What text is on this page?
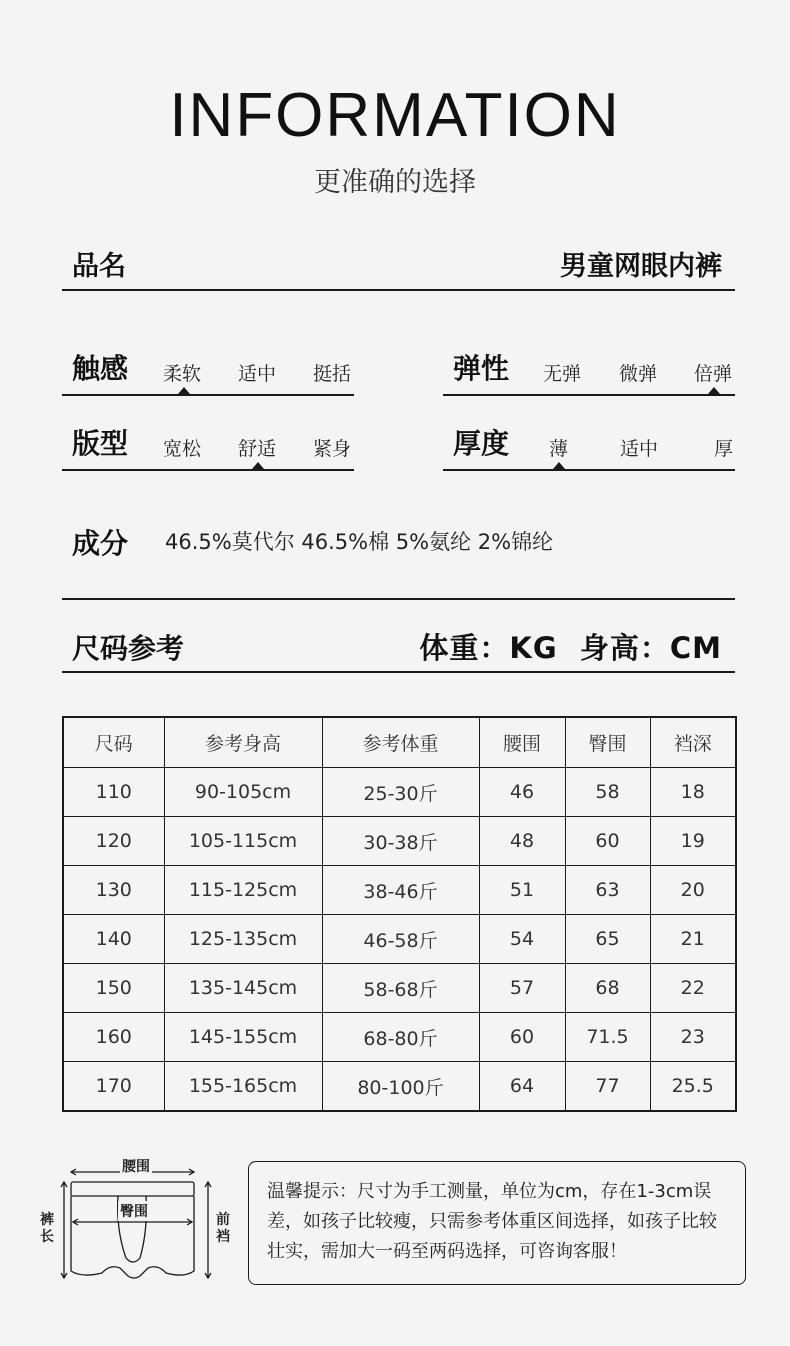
INFORMATION
更准确的选择
品名	男童网眼内裤
触感 柔软 适中 挺括	弹性 无弹 微弹 倍弹
版型 宽松 舒适 紧身	厚度 薄	适中	厚
成分 46.5%莫代尔 46.5%棉 5%氨纶 2%锦纶
尺码参考	体重：KG  身高：CM
尺码	参考身高	参考体重	腰围	臀围	裆深
110	90-105cm	25-30斤	46	58	18
120	105-115cm	30-38斤	48	60	19
130	115-125cm	38-46斤	51	63	20
140	125-135cm	46-58斤	54	65	21
150	135-145cm	58-68斤	57	68	22
160	145-155cm	68-80斤	60	71.5	23
170	155-165cm	80-100斤	64	77	25.5
腰围
臀围
裤长
前裆
温馨提示：尺寸为手工测量，单位为cm，存在1-3cm误差，如孩子比较瘦，只需参考体重区间选择，如孩子比较壮实，需加大一码至两码选择，可咨询客服！
